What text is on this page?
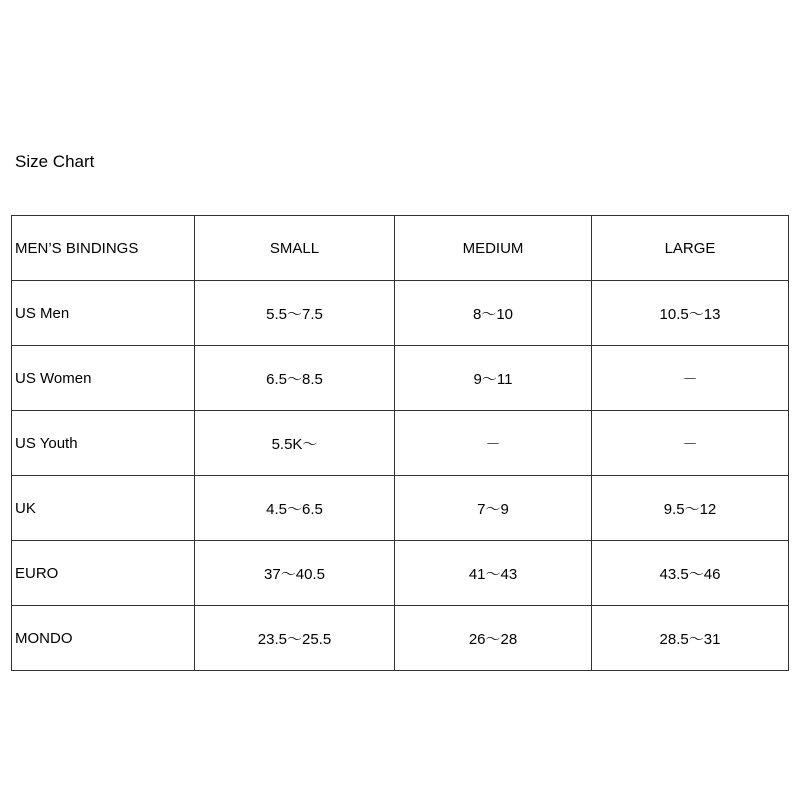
Size Chart
MEN’S BINDINGS	SMALL	MEDIUM	LARGE
US Men	5.5～7.5	8～10	10.5～13
US Women	6.5～8.5	9～11	－
US Youth	5.5K～	－	－
UK	4.5～6.5	7～9	9.5～12
EURO	37～40.5	41～43	43.5～46
MONDO	23.5～25.5	26～28	28.5～31
